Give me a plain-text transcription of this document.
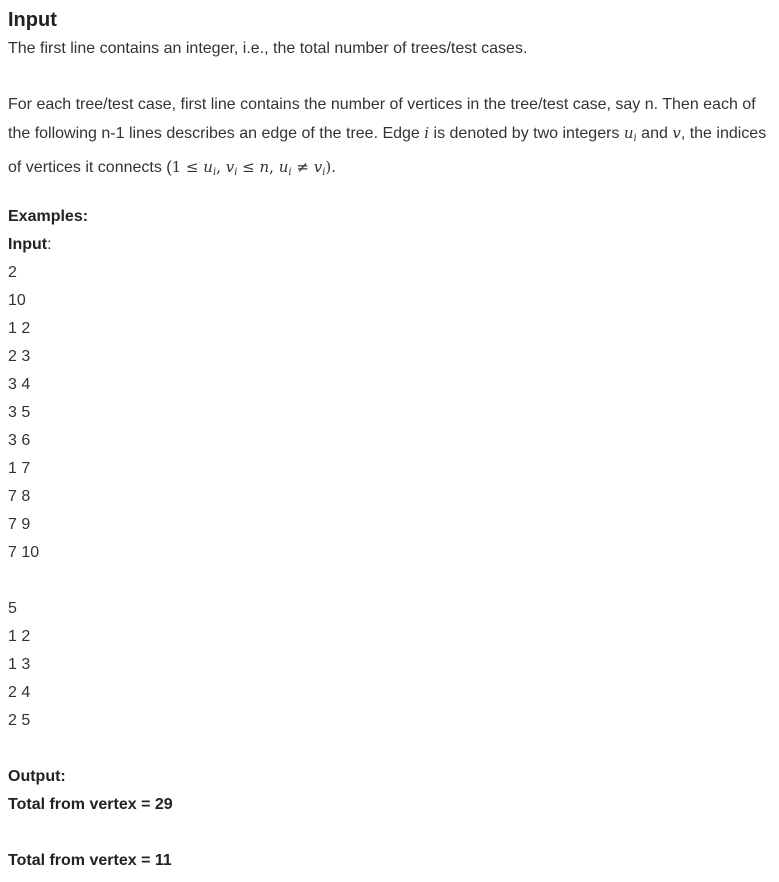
Input
The first line contains an integer, i.e., the total number of trees/test cases.
For each tree/test case, first line contains the number of vertices in the tree/test case, say n. Then each of the following n-1 lines describes an edge of the tree. Edge i is denoted by two integers $u_i$ and v, the indices of vertices it connects ($1 \le u_i$, $v_i \le n$, $u_i \ne v_i$).
Examples:
Input:
2
10
1 2
2 3
3 4
3 5
3 6
1 7
7 8
7 9
7 10
5
1 2
1 3
2 4
2 5
Output:
Total from vertex = 29
Total from vertex = 11
